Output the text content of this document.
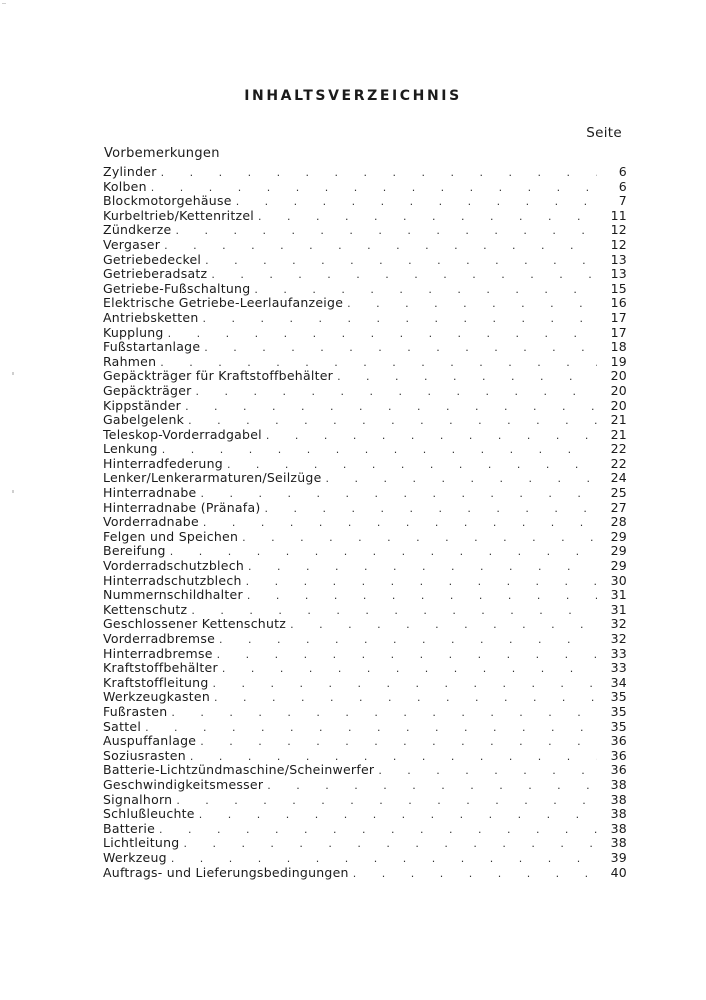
INHALTSVERZEICHNIS
Seite
Vorbemerkungen
Zylinder . . .	6
Kolben . . .	6
Blockmotorgehäuse . . .	7
Kurbeltrieb/Kettenritzel . . .	11
Zündkerze . . .	12
Vergaser . . .	12
Getriebedeckel . . .	13
Getrieberadsatz . . .	13
Getriebe-Fußschaltung . . .	15
Elektrische Getriebe-Leerlaufanzeige . . .	16
Antriebsketten . . .	17
Kupplung . . .	17
Fußstartanlage . . .	18
Rahmen . . .	19
Gepäckträger für Kraftstoffbehälter . . .	20
Gepäckträger . . .	20
Kippständer . . .	20
Gabelgelenk . . .	21
Teleskop-Vorderradgabel . . .	21
Lenkung . . .	22
Hinterradfederung . . .	22
Lenker/Lenkerarmaturen/Seilzüge . . .	24
Hinterradnabe . . .	25
Hinterradnabe (Pränafa) . . .	27
Vorderradnabe . . .	28
Felgen und Speichen . . .	29
Bereifung . . .	29
Vorderradschutzblech . . .	29
Hinterradschutzblech . . .	30
Nummernschildhalter . . .	31
Kettenschutz . . .	31
Geschlossener Kettenschutz . . .	32
Vorderradbremse . . .	32
Hinterradbremse . . .	33
Kraftstoffbehälter . . .	33
Kraftstoffleitung . . .	34
Werkzeugkasten . . .	35
Fußrasten . . .	35
Sattel . . .	35
Auspuffanlage . . .	36
Soziusrasten . . .	36
Batterie-Lichtzündmaschine/Scheinwerfer . . .	36
Geschwindigkeitsmesser . . .	38
Signalhorn . . .	38
Schlußleuchte . . .	38
Batterie . . .	38
Lichtleitung . . .	38
Werkzeug . . .	39
Auftrags- und Lieferungsbedingungen . . .	40
